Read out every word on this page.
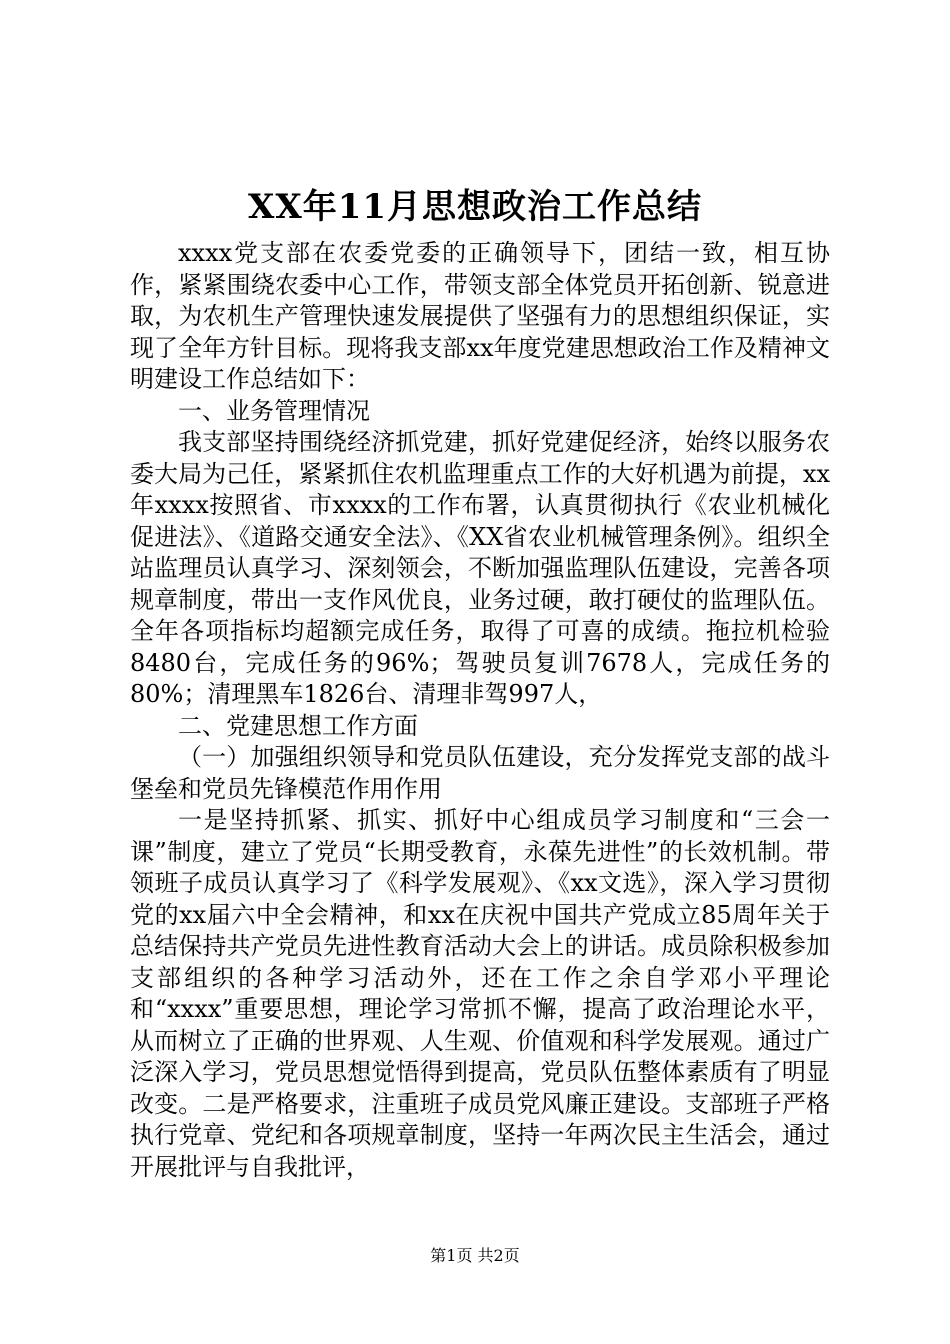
XX年11月思想政治工作总结

xxxx党支部在农委党委的正确领导下，团结一致，相互协作，紧紧围绕农委中心工作，带领支部全体党员开拓创新、锐意进取，为农机生产管理快速发展提供了坚强有力的思想组织保证，实现了全年方针目标。现将我支部xx年度党建思想政治工作及精神文明建设工作总结如下：

一、业务管理情况

我支部坚持围绕经济抓党建，抓好党建促经济，始终以服务农委大局为己任，紧紧抓住农机监理重点工作的大好机遇为前提，xx年xxxx按照省、市xxxx的工作布署，认真贯彻执行《农业机械化促进法》、《道路交通安全法》、《XX省农业机械管理条例》。组织全站监理员认真学习、深刻领会，不断加强监理队伍建设，完善各项规章制度，带出一支作风优良，业务过硬，敢打硬仗的监理队伍。全年各项指标均超额完成任务，取得了可喜的成绩。拖拉机检验8480台，完成任务的96%；驾驶员复训7678人，完成任务的80%；清理黑车1826台、清理非驾997人，

二、党建思想工作方面

（一）加强组织领导和党员队伍建设，充分发挥党支部的战斗堡垒和党员先锋模范作用作用

一是坚持抓紧、抓实、抓好中心组成员学习制度和“三会一课”制度，建立了党员“长期受教育，永葆先进性”的长效机制。带领班子成员认真学习了《科学发展观》、《xx文选》，深入学习贯彻党的xx届六中全会精神，和xx在庆祝中国共产党成立85周年关于总结保持共产党员先进性教育活动大会上的讲话。成员除积极参加支部组织的各种学习活动外，还在工作之余自学邓小平理论和“xxxx”重要思想，理论学习常抓不懈，提高了政治理论水平，从而树立了正确的世界观、人生观、价值观和科学发展观。通过广泛深入学习，党员思想觉悟得到提高，党员队伍整体素质有了明显改变。二是严格要求，注重班子成员党风廉正建设。支部班子严格执行党章、党纪和各项规章制度，坚持一年两次民主生活会，通过开展批评与自我批评，

第1页 共2页
